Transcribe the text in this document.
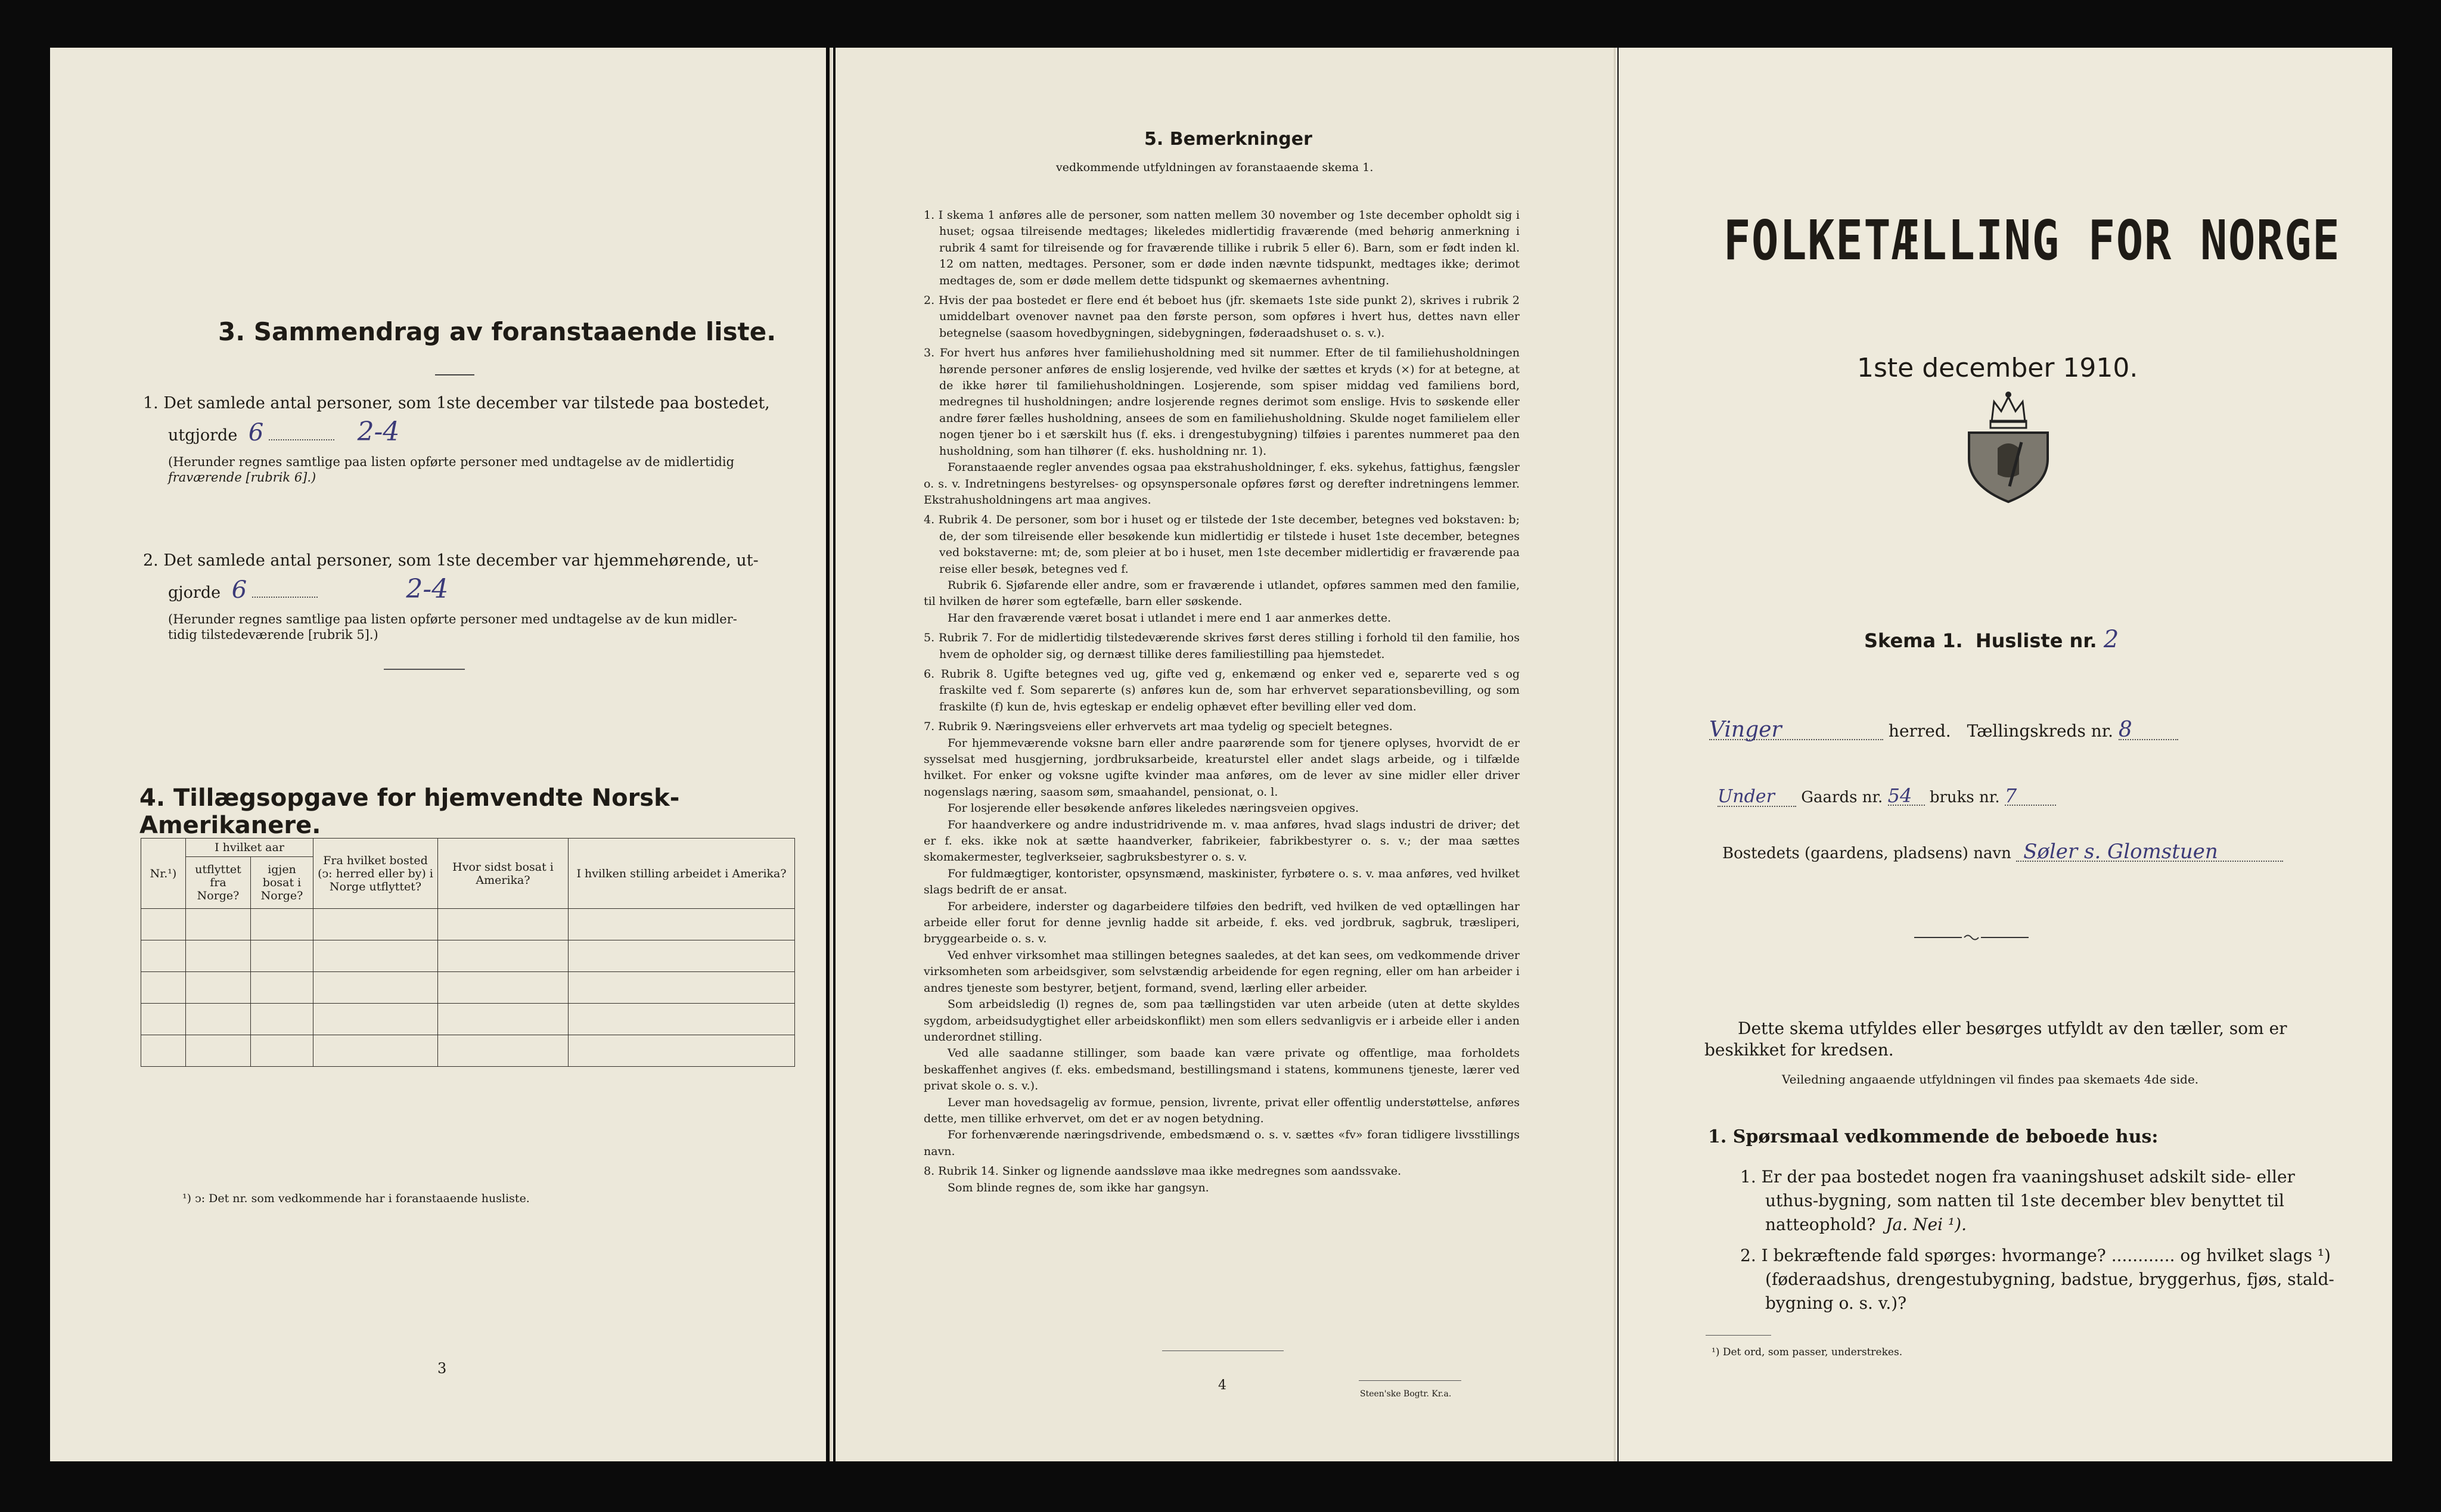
3. Sammendrag av foranstaaende liste.
1. Det samlede antal personer, som 1ste december var tilstede paa bostedet,
utgjorde 6	2-4
(Herunder regnes samtlige paa listen opførte personer med undtagelse av de midlertidig
fraværende [rubrik 6].)
2. Det samlede antal personer, som 1ste december var hjemmehørende, ut-
gjorde 6	2-4
(Herunder regnes samtlige paa listen opførte personer med undtagelse av de kun midler-
tidig tilstedeværende [rubrik 5].)
4. Tillægsopgave for hjemvendte Norsk-Amerikanere.
Nr.¹)	I hvilket aar		Fra hvilket bosted (ↄ: herred eller by) i Norge utflyttet?	Hvor sidst bosat i Amerika?	I hvilken stilling arbeidet i Amerika?
	utflyttet fra Norge?	igjen bosat i Norge?			

¹) ↄ: Det nr. som vedkommende har i foranstaaende husliste.
3
5. Bemerkninger
vedkommende utfyldningen av foranstaaende skema 1.

1. I skema 1 anføres alle de personer, som natten mellem 30 november og 1ste december opholdt sig i huset; ogsaa tilreisende medtages; likeledes midlertidig fraværende (med behørig anmerkning i rubrik 4 samt for tilreisende og for fraværende tillike i rubrik 5 eller 6). Barn, som er født inden kl. 12 om natten, medtages. Personer, som er døde inden nævnte tidspunkt, medtages ikke; derimot medtages de, som er døde mellem dette tidspunkt og skemaernes avhentning.

2. Hvis der paa bostedet er flere end ét beboet hus (jfr. skemaets 1ste side punkt 2), skrives i rubrik 2 umiddelbart ovenover navnet paa den første person, som opføres i hvert hus, dettes navn eller betegnelse (saasom hovedbygningen, sidebygningen, føderaadshuset o. s. v.).

3. For hvert hus anføres hver familiehusholdning med sit nummer. Efter de til familiehusholdningen hørende personer anføres de enslig losjerende, ved hvilke der sættes et kryds (×) for at betegne, at de ikke hører til familiehusholdningen. Losjerende, som spiser middag ved familiens bord, medregnes til husholdningen; andre losjerende regnes derimot som enslige. Hvis to søskende eller andre fører fælles husholdning, ansees de som en familiehusholdning. Skulde noget familielem eller nogen tjener bo i et særskilt hus (f. eks. i drengestubygning) tilføies i parentes nummeret paa den husholdning, som han tilhører (f. eks. husholdning nr. 1).

Foranstaaende regler anvendes ogsaa paa ekstrahusholdninger, f. eks. sykehus, fattighus, fængsler o. s. v. Indretningens bestyrelses- og opsynspersonale opføres først og derefter indretningens lemmer. Ekstrahusholdningens art maa angives.

4. Rubrik 4. De personer, som bor i huset og er tilstede der 1ste december, betegnes ved bokstaven: b; de, der som tilreisende eller besøkende kun midlertidig er tilstede i huset 1ste december, betegnes ved bokstaverne: mt; de, som pleier at bo i huset, men 1ste december midlertidig er fraværende paa reise eller besøk, betegnes ved f.

Rubrik 6. Sjøfarende eller andre, som er fraværende i utlandet, opføres sammen med den familie, til hvilken de hører som egtefælle, barn eller søskende.

Har den fraværende været bosat i utlandet i mere end 1 aar anmerkes dette.

5. Rubrik 7. For de midlertidig tilstedeværende skrives først deres stilling i forhold til den familie, hos hvem de opholder sig, og dernæst tillike deres familiestilling paa hjemstedet.

6. Rubrik 8. Ugifte betegnes ved ug, gifte ved g, enkemænd og enker ved e, separerte ved s og fraskilte ved f. Som separerte (s) anføres kun de, som har erhvervet separationsbevilling, og som fraskilte (f) kun de, hvis egteskap er endelig ophævet efter bevilling eller ved dom.

7. Rubrik 9. Næringsveiens eller erhvervets art maa tydelig og specielt betegnes.

For hjemmeværende voksne barn eller andre paarørende som for tjenere oplyses, hvorvidt de er sysselsat med husgjerning, jordbruksarbeide, kreaturstel eller andet slags arbeide, og i tilfælde hvilket. For enker og voksne ugifte kvinder maa anføres, om de lever av sine midler eller driver nogenslags næring, saasom søm, smaahandel, pensionat, o. l.

For losjerende eller besøkende anføres likeledes næringsveien opgives.

For haandverkere og andre industridrivende m. v. maa anføres, hvad slags industri de driver; det er f. eks. ikke nok at sætte haandverker, fabrikeier, fabrikbestyrer o. s. v.; der maa sættes skomakermester, teglverkseier, sagbruksbestyrer o. s. v.

For fuldmægtiger, kontorister, opsynsmænd, maskinister, fyrbøtere o. s. v. maa anføres, ved hvilket slags bedrift de er ansat.

For arbeidere, inderster og dagarbeidere tilføies den bedrift, ved hvilken de ved optællingen har arbeide eller forut for denne jevnlig hadde sit arbeide, f. eks. ved jordbruk, sagbruk, træsliperi, bryggearbeide o. s. v.

Ved enhver virksomhet maa stillingen betegnes saaledes, at det kan sees, om vedkommende driver virksomheten som arbeidsgiver, som selvstændig arbeidende for egen regning, eller om han arbeider i andres tjeneste som bestyrer, betjent, formand, svend, lærling eller arbeider.

Som arbeidsledig (l) regnes de, som paa tællingstiden var uten arbeide (uten at dette skyldes sygdom, arbeidsudygtighet eller arbeidskonflikt) men som ellers sedvanligvis er i arbeide eller i anden underordnet stilling.

Ved alle saadanne stillinger, som baade kan være private og offentlige, maa forholdets beskaffenhet angives (f. eks. embedsmand, bestillingsmand i statens, kommunens tjeneste, lærer ved privat skole o. s. v.).

Lever man hovedsagelig av formue, pension, livrente, privat eller offentlig understøttelse, anføres dette, men tillike erhvervet, om det er av nogen betydning.

For forhenværende næringsdrivende, embedsmænd o. s. v. sættes «fv» foran tidligere livsstillings navn.

8. Rubrik 14. Sinker og lignende aandssløve maa ikke medregnes som aandssvake.

Som blinde regnes de, som ikke har gangsyn.

4
Steen'ske Bogtr. Kr.a.
FOLKETÆLLING FOR NORGE
1ste december 1910.
Skema 1. Husliste nr. 2
Vinger	herred. Tællingskreds nr. 8
Under Gaards nr. 54 bruks nr. 7
Bostedets (gaardens, pladsens) navn Søler s. Glomstuen
Dette skema utfyldes eller besørges utfyldt av den tæller, som er beskikket for kredsen.
Veiledning angaaende utfyldningen vil findes paa skemaets 4de side.
1. Spørsmaal vedkommende de beboede hus:
1. Er der paa bostedet nogen fra vaaningshuset adskilt side- eller
uthus-bygning, som natten til 1ste december blev benyttet til
natteophold? Ja. Nei ¹).
2. I bekræftende fald spørges: hvormange? ............ og hvilket slags ¹)
(føderaadshus, drengestubygning, badstue, bryggerhus, fjøs, stald-
bygning o. s. v.)?
¹) Det ord, som passer, understrekes.
